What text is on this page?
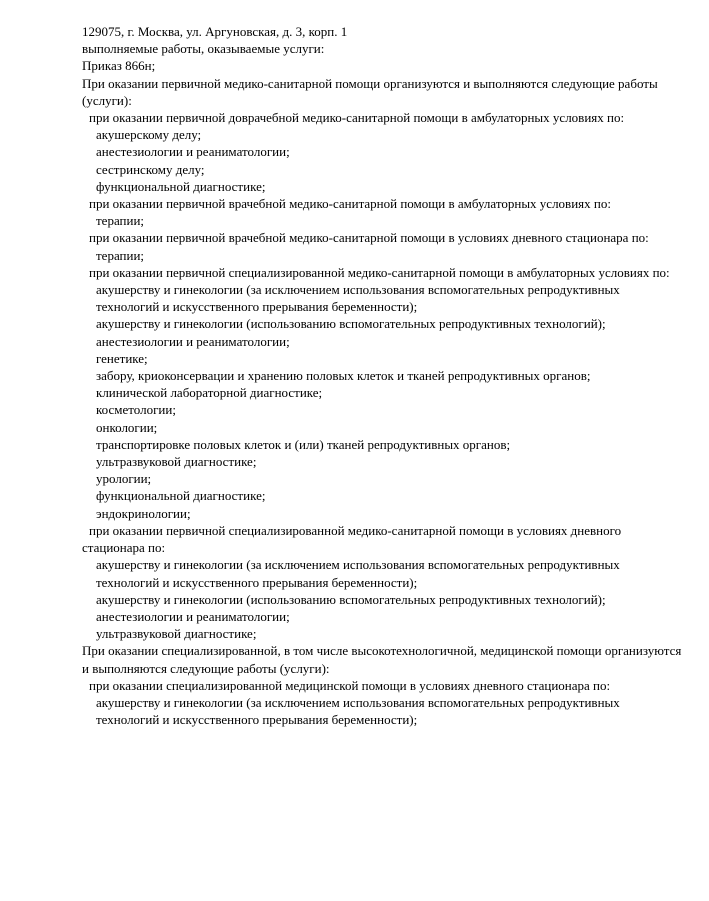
129075, г. Москва, ул. Аргуновская, д. 3, корп. 1

выполняемые работы, оказываемые услуги:

Приказ 866н;

При оказании первичной медико-санитарной помощи организуются и выполняются следующие работы (услуги):

при оказании первичной доврачебной медико-санитарной помощи в амбулаторных условиях по:

акушерскому делу;

анестезиологии и реаниматологии;

сестринскому делу;

функциональной диагностике;

при оказании первичной врачебной медико-санитарной помощи в амбулаторных условиях по:

терапии;

при оказании первичной врачебной медико-санитарной помощи в условиях дневного стационара по:

терапии;

при оказании первичной специализированной медико-санитарной помощи в амбулаторных условиях по:

акушерству и гинекологии (за исключением использования вспомогательных репродуктивных технологий и искусственного прерывания беременности);

акушерству и гинекологии (использованию вспомогательных репродуктивных технологий);

анестезиологии и реаниматологии;

генетике;

забору, криоконсервации и хранению половых клеток и тканей репродуктивных органов;

клинической лабораторной диагностике;

косметологии;

онкологии;

транспортировке половых клеток и (или) тканей репродуктивных органов;

ультразвуковой диагностике;

урологии;

функциональной диагностике;

эндокринологии;

при оказании первичной специализированной медико-санитарной помощи в условиях дневного стационара по:

акушерству и гинекологии (за исключением использования вспомогательных репродуктивных технологий и искусственного прерывания беременности);

акушерству и гинекологии (использованию вспомогательных репродуктивных технологий);

анестезиологии и реаниматологии;

ультразвуковой диагностике;

При оказании специализированной, в том числе высокотехнологичной, медицинской помощи организуются и выполняются следующие работы (услуги):

при оказании специализированной медицинской помощи в условиях дневного стационара по:

акушерству и гинекологии (за исключением использования вспомогательных репродуктивных технологий и искусственного прерывания беременности);
